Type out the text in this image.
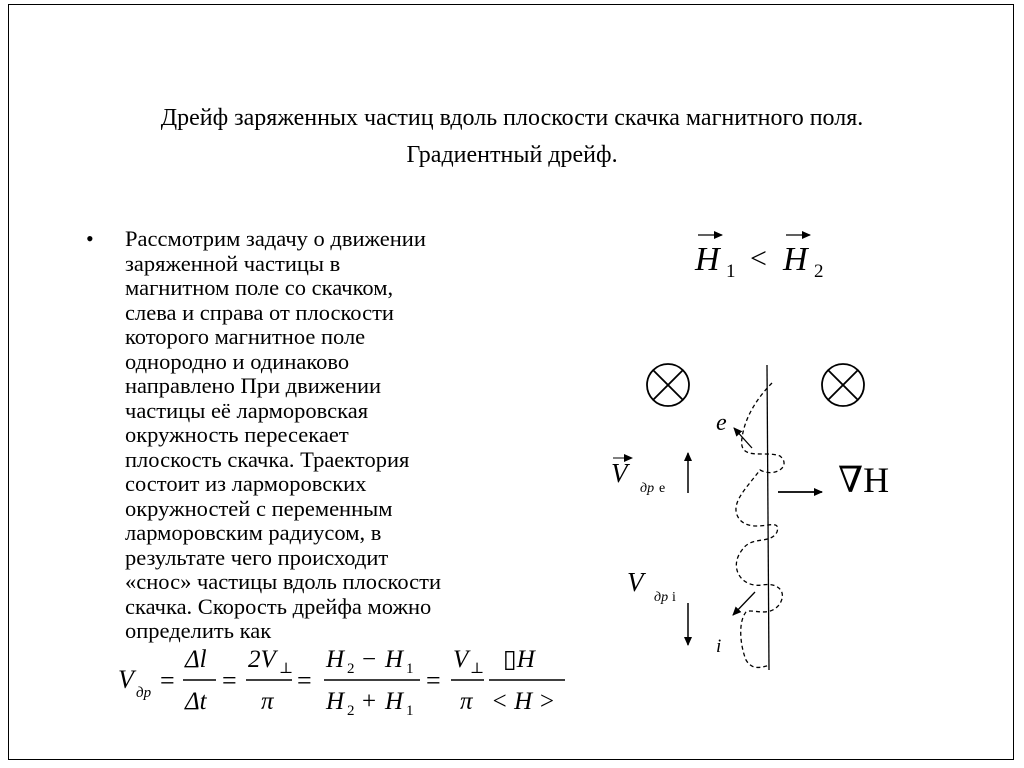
Дрейф заряженных частиц вдоль плоскости скачка магнитного поля.
Градиентный дрейф.
• Рассмотрим задачу о движении
заряженной частицы в
магнитном поле со скачком,
слева и справа от плоскости
которого магнитное поле
однородно и одинаково
направлено При движении
частицы её ларморовская
окружность пересекает
плоскость скачка. Траектория
состоит из ларморовских
окружностей с переменным
ларморовским радиусом, в
результате чего происходит
«снос» частицы вдоль плоскости
скачка. Скорость дрейфа можно
определить как
V др =
Δl
Δt
=
2V ⊥
π
=
H 2 − H 1
H 2 + H 1
=
V ⊥
π
▯H
< H >
H 1 < H 2
e
i
V
др e
V
др i
∇H
